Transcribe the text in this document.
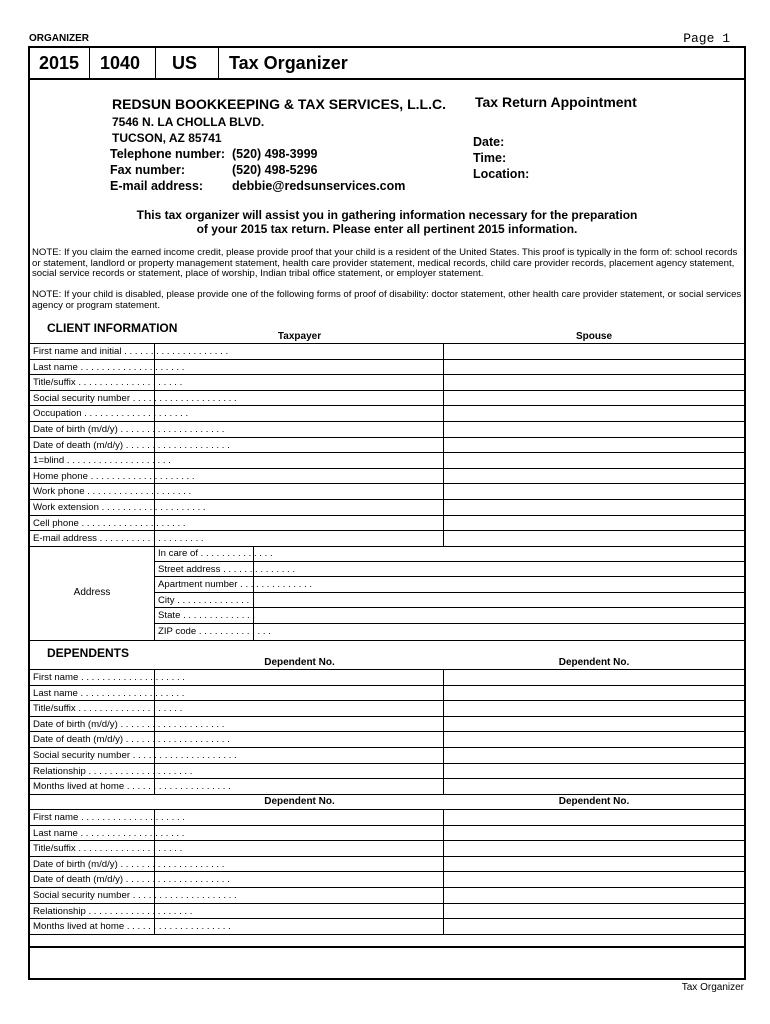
ORGANIZER	Page 1
2015	1040	US	Tax Organizer
REDSUN BOOKKEEPING & TAX SERVICES, L.L.C.
7546 N. LA CHOLLA BLVD.
TUCSON, AZ 85741
Telephone number: (520) 498-3999
Fax number:	(520) 498-5296
E-mail address:	debbie@redsunservices.com
Tax Return Appointment
Date:
Time:
Location:
This tax organizer will assist you in gathering information necessary for the preparation
of your 2015 tax return. Please enter all pertinent 2015 information.
NOTE: If you claim the earned income credit, please provide proof that your child is a resident of the United States. This proof is typically in the form of: school records or statement, landlord or property management statement, health care provider statement, medical records, child care provider records, placement agency statement, social service records or statement, place of worship, Indian tribal office statement, or employer statement.
NOTE: If your child is disabled, please provide one of the following forms of proof of disability: doctor statement, other health care provider statement, or social services agency or program statement.
CLIENT INFORMATION
Taxpayer	Spouse
First name and initial . . . . . . . . . . . . . . . . . . . .
Last name . . . . . . . . . . . . . . . . . . . .
Title/suffix . . . . . . . . . . . . . . . . . . . .
Social security number . . . . . . . . . . . . . . . . . . . .
Occupation . . . . . . . . . . . . . . . . . . . .
Date of birth (m/d/y) . . . . . . . . . . . . . . . . . . . .
Date of death (m/d/y) . . . . . . . . . . . . . . . . . . . .
1=blind . . . . . . . . . . . . . . . . . . . .
Home phone . . . . . . . . . . . . . . . . . . . .
Work phone . . . . . . . . . . . . . . . . . . . .
Work extension . . . . . . . . . . . . . . . . . . . .
Cell phone . . . . . . . . . . . . . . . . . . . .
E-mail address . . . . . . . . . . . . . . . . . . . .
Address
In care of . . . . . . . . . . . . . .
Street address . . . . . . . . . . . . . .
Apartment number . . . . . . . . . . . . . .
City . . . . . . . . . . . . . .
State . . . . . . . . . . . . . .
ZIP code . . . . . . . . . . . . . .
DEPENDENTS
Dependent No.	Dependent No.
First name . . . . . . . . . . . . . . . . . . . .
Last name . . . . . . . . . . . . . . . . . . . .
Title/suffix . . . . . . . . . . . . . . . . . . . .
Date of birth (m/d/y) . . . . . . . . . . . . . . . . . . . .
Date of death (m/d/y) . . . . . . . . . . . . . . . . . . . .
Social security number . . . . . . . . . . . . . . . . . . . .
Relationship . . . . . . . . . . . . . . . . . . . .
Months lived at home . . . . . . . . . . . . . . . . . . . .
Dependent No.	Dependent No.
First name . . . . . . . . . . . . . . . . . . . .
Last name . . . . . . . . . . . . . . . . . . . .
Title/suffix . . . . . . . . . . . . . . . . . . . .
Date of birth (m/d/y) . . . . . . . . . . . . . . . . . . . .
Date of death (m/d/y) . . . . . . . . . . . . . . . . . . . .
Social security number . . . . . . . . . . . . . . . . . . . .
Relationship . . . . . . . . . . . . . . . . . . . .
Months lived at home . . . . . . . . . . . . . . . . . . . .
Tax Organizer
